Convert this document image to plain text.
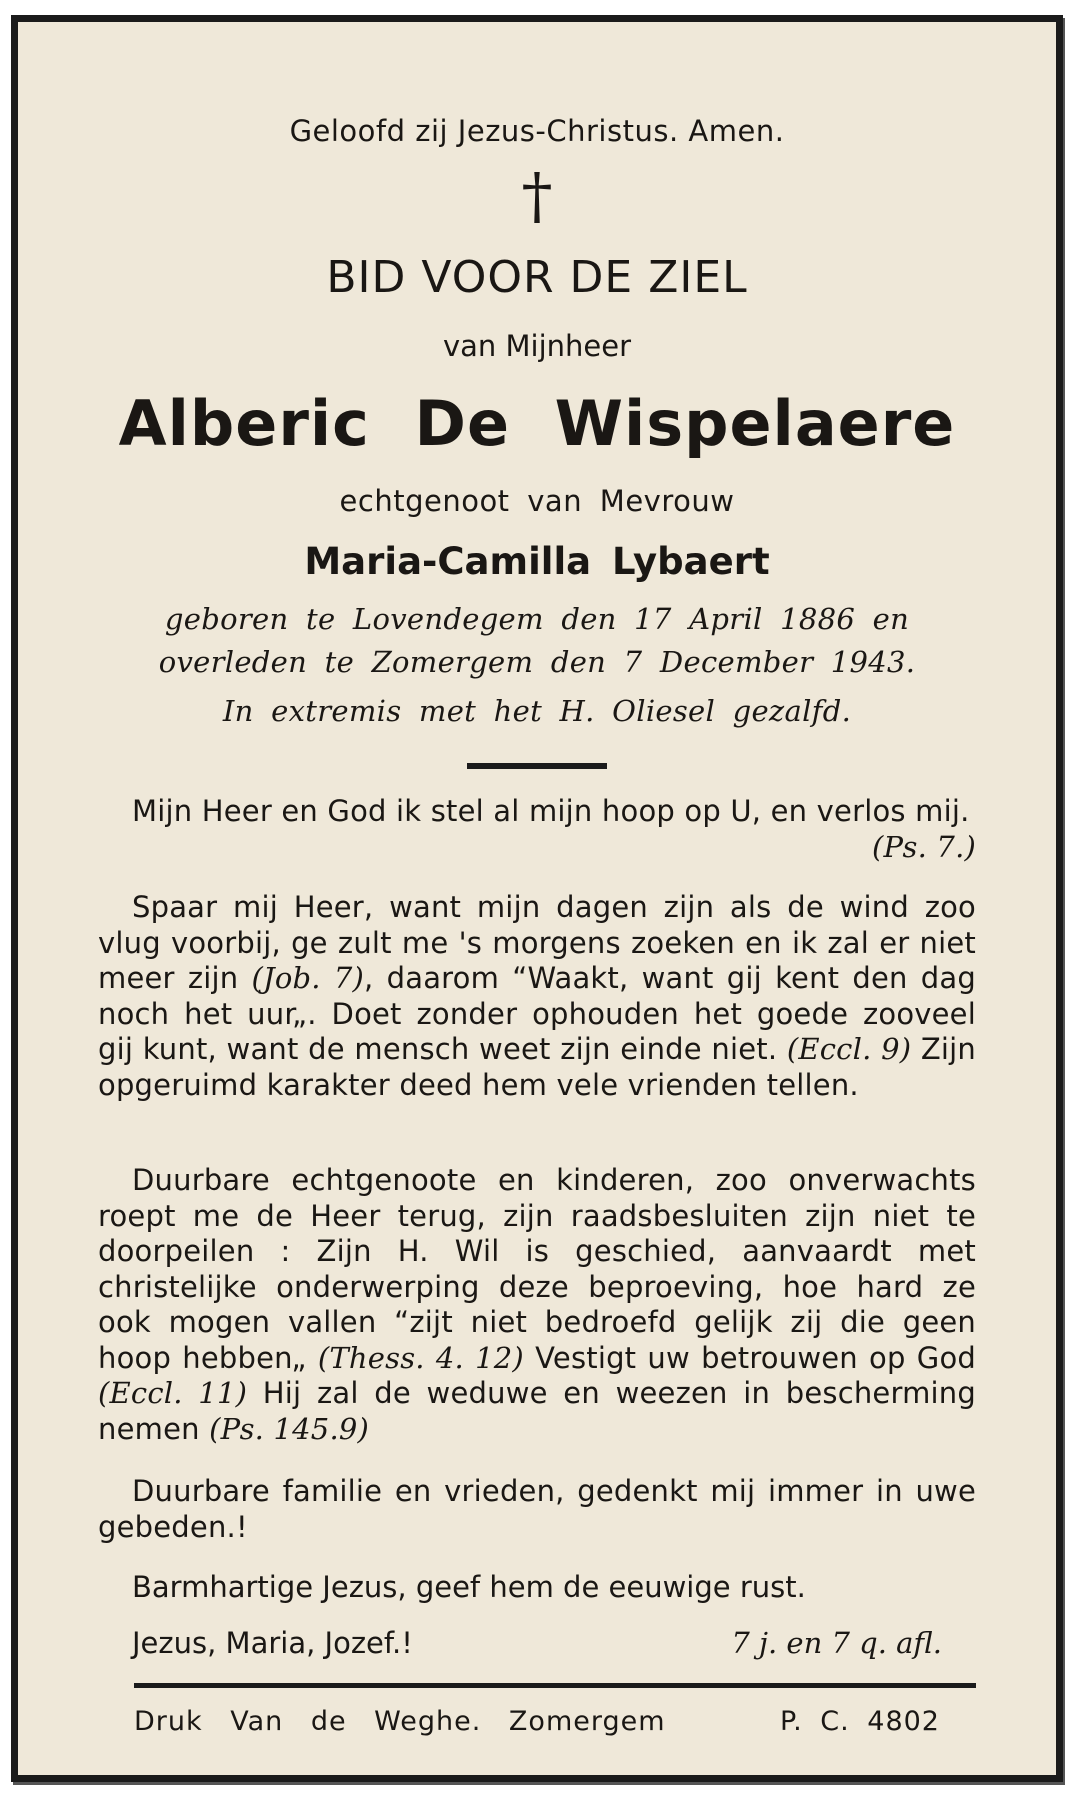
Geloofd zij Jezus-Christus. Amen.
†
BID VOOR DE ZIEL
van Mijnheer
Alberic De Wispelaere
echtgenoot van Mevrouw
Maria-Camilla Lybaert
geboren te Lovendegem den 17 April 1886 en
overleden te Zomergem den 7 December 1943.
In extremis met het H. Oliesel gezalfd.
Mijn Heer en God ik stel al mijn hoop op U, en verlos mij.
(Ps. 7.)
Spaar mij Heer, want mijn dagen zijn als de wind zoo vlug voorbij, ge zult me 's morgens zoeken en ik zal er niet meer zijn (Job. 7), daarom “Waakt, want gij kent den dag noch het uur„. Doet zonder ophouden het goede zooveel gij kunt, want de mensch weet zijn einde niet. (Eccl. 9) Zijn opgeruimd karakter deed hem vele vrienden tellen.
Duurbare echtgenoote en kinderen, zoo onverwachts roept me de Heer terug, zijn raadsbesluiten zijn niet te doorpeilen : Zijn H. Wil is geschied, aanvaardt met christelijke onderwerping deze beproeving, hoe hard ze ook mogen vallen “zijt niet bedroefd gelijk zij die geen hoop hebben„ (Thess. 4. 12) Vestigt uw betrouwen op God (Eccl. 11) Hij zal de weduwe en weezen in bescherming nemen (Ps. 145.9)
Duurbare familie en vrieden, gedenkt mij immer in uwe gebeden.!
Barmhartige Jezus, geef hem de eeuwige rust.
Jezus, Maria, Jozef.!	7 j. en 7 q. afl.
Druk Van de Weghe. Zomergem	P. C. 4802
